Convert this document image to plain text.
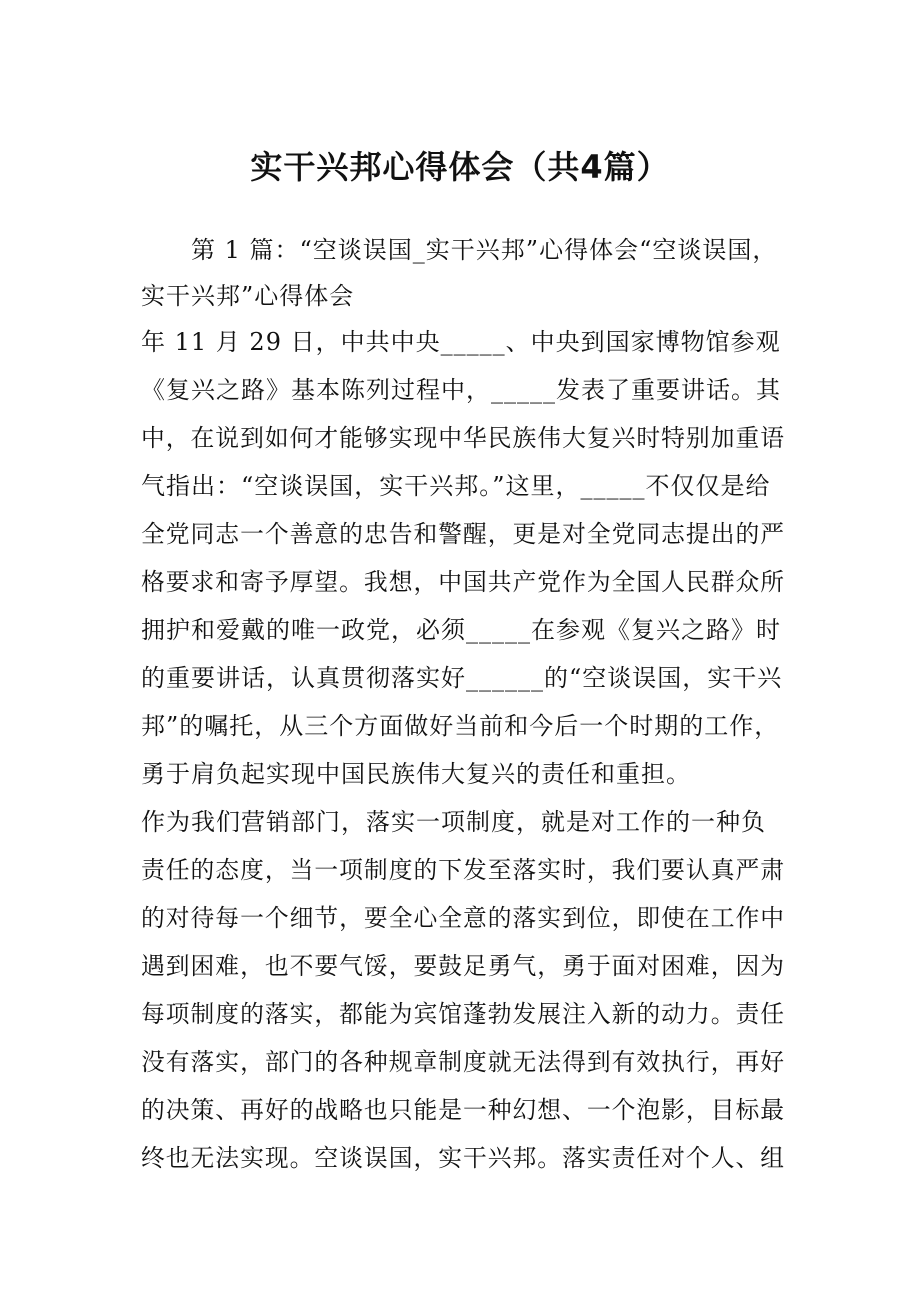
实干兴邦心得体会（共4篇）
　　第 1 篇：“空谈误国_实干兴邦”心得体会“空谈误国，
实干兴邦”心得体会
年 11 月 29 日，中共中央_____、中央到国家博物馆参观
《复兴之路》基本陈列过程中，_____发表了重要讲话。其
中，在说到如何才能够实现中华民族伟大复兴时特别加重语
气指出：“空谈误国，实干兴邦。”这里，_____不仅仅是给
全党同志一个善意的忠告和警醒，更是对全党同志提出的严
格要求和寄予厚望。我想，中国共产党作为全国人民群众所
拥护和爱戴的唯一政党，必须_____在参观《复兴之路》时
的重要讲话，认真贯彻落实好______的“空谈误国，实干兴
邦”的嘱托，从三个方面做好当前和今后一个时期的工作，
勇于肩负起实现中国民族伟大复兴的责任和重担。
作为我们营销部门，落实一项制度，就是对工作的一种负
责任的态度，当一项制度的下发至落实时，我们要认真严肃
的对待每一个细节，要全心全意的落实到位，即使在工作中
遇到困难，也不要气馁，要鼓足勇气，勇于面对困难，因为
每项制度的落实，都能为宾馆蓬勃发展注入新的动力。责任
没有落实，部门的各种规章制度就无法得到有效执行，再好
的决策、再好的战略也只能是一种幻想、一个泡影，目标最
终也无法实现。空谈误国，实干兴邦。落实责任对个人、组
